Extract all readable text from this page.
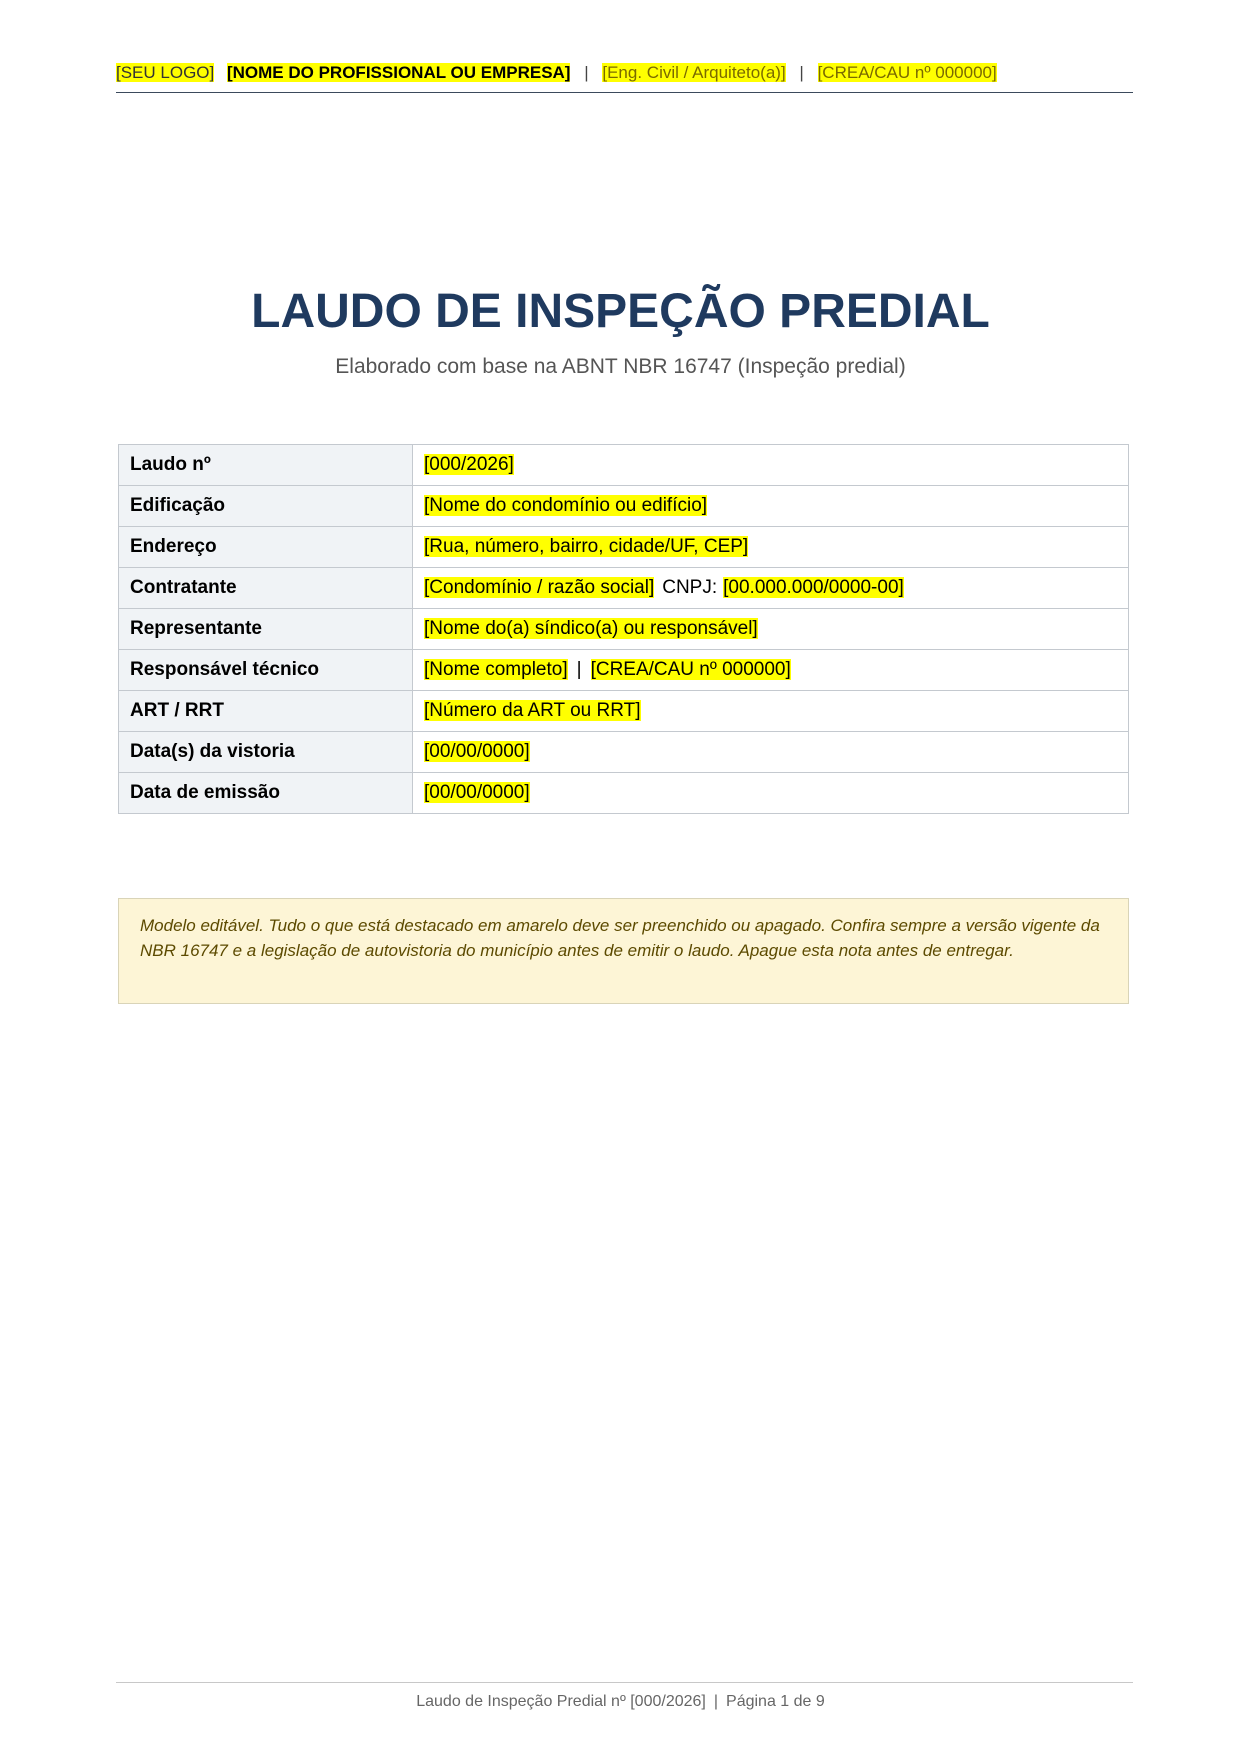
[SEU LOGO] [NOME DO PROFISSIONAL OU EMPRESA] | [Eng. Civil / Arquiteto(a)] | [CREA/CAU nº 000000]
LAUDO DE INSPEÇÃO PREDIAL
Elaborado com base na ABNT NBR 16747 (Inspeção predial)
Laudo nº	[000/2026]
Edificação	[Nome do condomínio ou edifício]
Endereço	[Rua, número, bairro, cidade/UF, CEP]
Contratante	[Condomínio / razão social] CNPJ: [00.000.000/0000-00]
Representante	[Nome do(a) síndico(a) ou responsável]
Responsável técnico	[Nome completo] | [CREA/CAU nº 000000]
ART / RRT	[Número da ART ou RRT]
Data(s) da vistoria	[00/00/0000]
Data de emissão	[00/00/0000]
Modelo editável. Tudo o que está destacado em amarelo deve ser preenchido ou apagado. Confira sempre a versão vigente da NBR 16747 e a legislação de autovistoria do município antes de emitir o laudo. Apague esta nota antes de entregar.
Laudo de Inspeção Predial nº [000/2026] | Página 1 de 9
